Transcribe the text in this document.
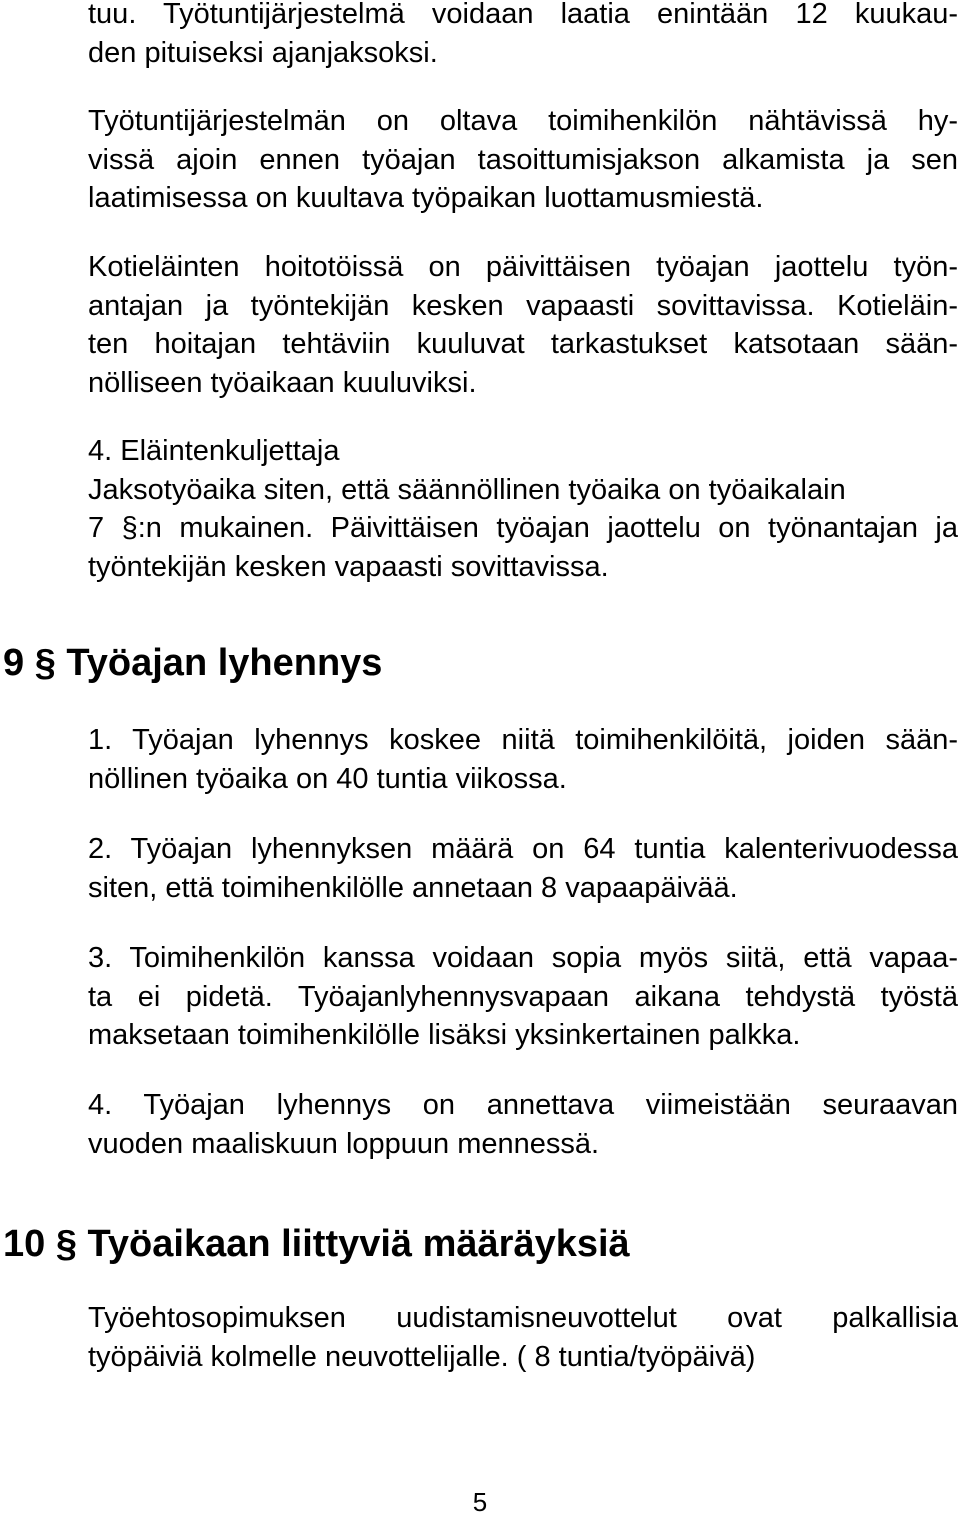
tuu. Työtuntijärjestelmä voidaan laatia enintään 12 kuukau-
den pituiseksi ajanjaksoksi.
Työtuntijärjestelmän on oltava toimihenkilön nähtävissä hy-
vissä ajoin ennen työajan tasoittumisjakson alkamista ja sen
laatimisessa on kuultava työpaikan luottamusmiestä.
Kotieläinten hoitotöissä on päivittäisen työajan jaottelu työn-
antajan ja työntekijän kesken vapaasti sovittavissa. Kotieläin-
ten hoitajan tehtäviin kuuluvat tarkastukset katsotaan sään-
nölliseen työaikaan kuuluviksi.
4. Eläintenkuljettaja
Jaksotyöaika siten, että säännöllinen työaika on työaikalain
7 §:n mukainen. Päivittäisen työajan jaottelu on työnantajan ja
työntekijän kesken vapaasti sovittavissa.
9 § Työajan lyhennys
1. Työajan lyhennys koskee niitä toimihenkilöitä, joiden sään-
nöllinen työaika on 40 tuntia viikossa.
2. Työajan lyhennyksen määrä on 64 tuntia kalenterivuodessa
siten, että toimihenkilölle annetaan 8 vapaapäivää.
3. Toimihenkilön kanssa voidaan sopia myös siitä, että vapaa-
ta ei pidetä. Työajanlyhennysvapaan aikana tehdystä työstä
maksetaan toimihenkilölle lisäksi yksinkertainen palkka.
4. Työajan lyhennys on annettava viimeistään seuraavan
vuoden maaliskuun loppuun mennessä.
10 § Työaikaan liittyviä määräyksiä
Työehtosopimuksen uudistamisneuvottelut ovat palkallisia
työpäiviä kolmelle neuvottelijalle. ( 8 tuntia/työpäivä)
5
